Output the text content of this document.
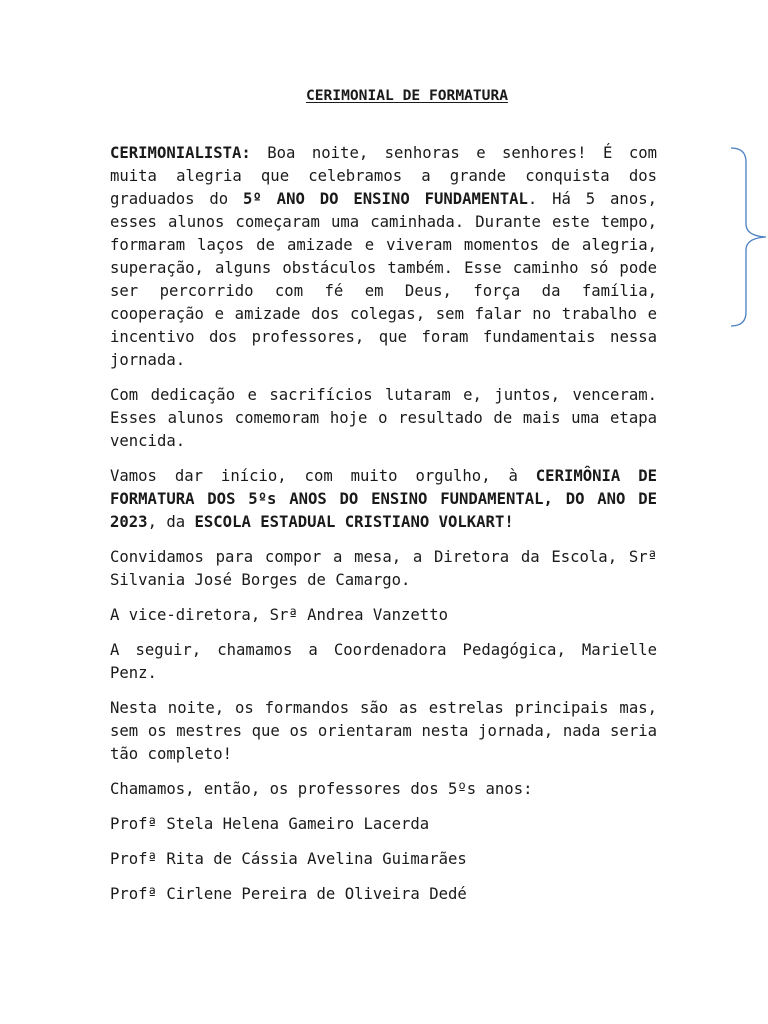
CERIMONIAL DE FORMATURA

CERIMONIALISTA: Boa noite, senhoras e senhores! É com muita alegria que celebramos a grande conquista dos graduados do 5º ANO DO ENSINO FUNDAMENTAL. Há 5 anos, esses alunos começaram uma caminhada. Durante este tempo, formaram laços de amizade e viveram momentos de alegria, superação, alguns obstáculos também. Esse caminho só pode ser percorrido com fé em Deus, força da família, cooperação e amizade dos colegas, sem falar no trabalho e incentivo dos professores, que foram fundamentais nessa jornada.

Com dedicação e sacrifícios lutaram e, juntos, venceram. Esses alunos comemoram hoje o resultado de mais uma etapa vencida.

Vamos dar início, com muito orgulho, à CERIMÔNIA DE FORMATURA DOS 5ºs ANOS DO ENSINO FUNDAMENTAL, DO ANO DE 2023, da ESCOLA ESTADUAL CRISTIANO VOLKART!

Convidamos para compor a mesa, a Diretora da Escola, Srª Silvania José Borges de Camargo.

A vice-diretora, Srª Andrea Vanzetto

A seguir, chamamos a Coordenadora Pedagógica, Marielle Penz.

Nesta noite, os formandos são as estrelas principais mas, sem os mestres que os orientaram nesta jornada, nada seria tão completo!

Chamamos, então, os professores dos 5ºs anos:

Profª Stela Helena Gameiro Lacerda

Profª Rita de Cássia Avelina Guimarães

Profª Cirlene Pereira de Oliveira Dedé
